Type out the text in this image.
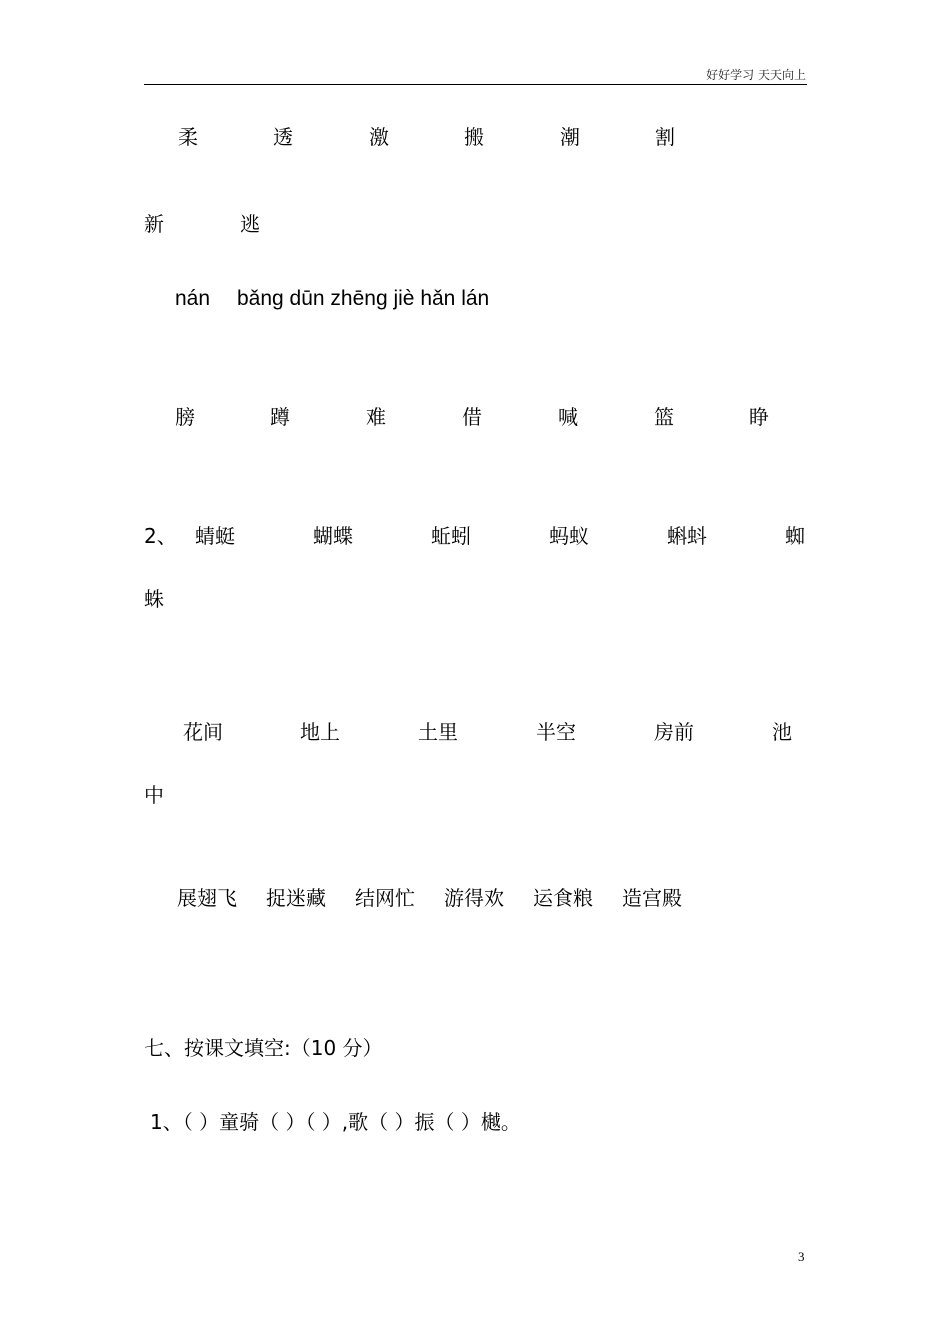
好好学习 天天向上
柔	透	激	搬	潮	割
新	逃
nán bǎnɡ dūn zhēnɡ jiè hǎn lán
膀	蹲	难	借	喊	篮	睁
2、 蜻蜓	蝴蝶	蚯蚓	蚂蚁	蝌蚪	蜘
蛛
花间	地上	土里	半空	房前	池
中
展翅飞 捉迷藏 结网忙 游得欢 运食粮 造宫殿
七、按课文填空:（10 分）
1、（ ）童骑（ ）（ ）,歌（ ）振（ ）樾。
3
